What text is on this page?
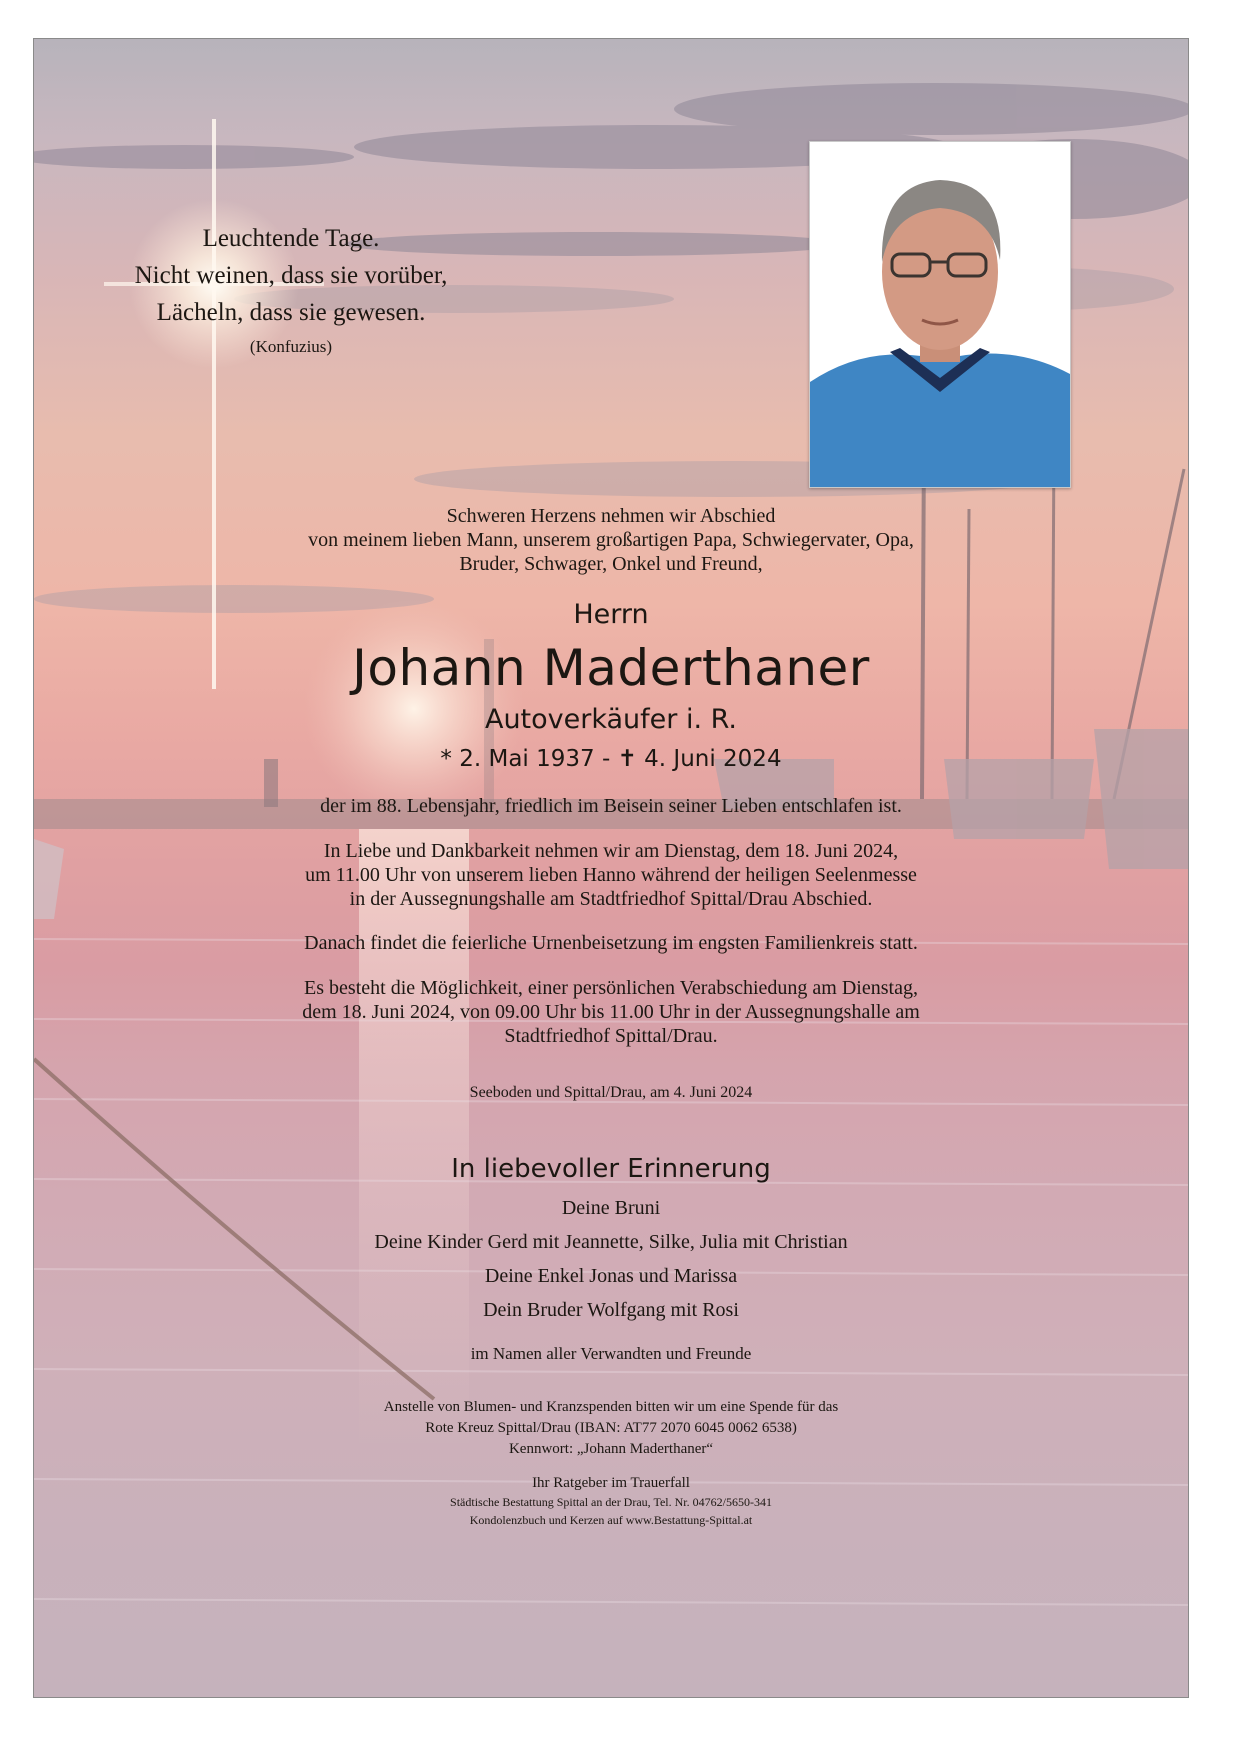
Leuchtende Tage.

Nicht weinen, dass sie vorüber,

Lächeln, dass sie gewesen.

(Konfuzius)

Schweren Herzens nehmen wir Abschied

von meinem lieben Mann, unserem großartigen Papa, Schwiegervater, Opa,

Bruder, Schwager, Onkel und Freund,

Herrn

Johann Maderthaner

Autoverkäufer i. R.

* 2. Mai 1937 - ✝ 4. Juni 2024

der im 88. Lebensjahr, friedlich im Beisein seiner Lieben entschlafen ist.

In Liebe und Dankbarkeit nehmen wir am Dienstag, dem 18. Juni 2024,

um 11.00 Uhr von unserem lieben Hanno während der heiligen Seelenmesse

in der Aussegnungshalle am Stadtfriedhof Spittal/Drau Abschied.

Danach findet die feierliche Urnenbeisetzung im engsten Familienkreis statt.

Es besteht die Möglichkeit, einer persönlichen Verabschiedung am Dienstag,

dem 18. Juni 2024, von 09.00 Uhr bis 11.00 Uhr in der Aussegnungshalle am

Stadtfriedhof Spittal/Drau.

Seeboden und Spittal/Drau, am 4. Juni 2024

In liebevoller Erinnerung

Deine Bruni

Deine Kinder Gerd mit Jeannette, Silke, Julia mit Christian

Deine Enkel Jonas und Marissa

Dein Bruder Wolfgang mit Rosi

im Namen aller Verwandten und Freunde

Anstelle von Blumen- und Kranzspenden bitten wir um eine Spende für das

Rote Kreuz Spittal/Drau (IBAN: AT77 2070 6045 0062 6538)

Kennwort: „Johann Maderthaner“

Ihr Ratgeber im Trauerfall

Städtische Bestattung Spittal an der Drau, Tel. Nr. 04762/5650-341

Kondolenzbuch und Kerzen auf www.Bestattung-Spittal.at
